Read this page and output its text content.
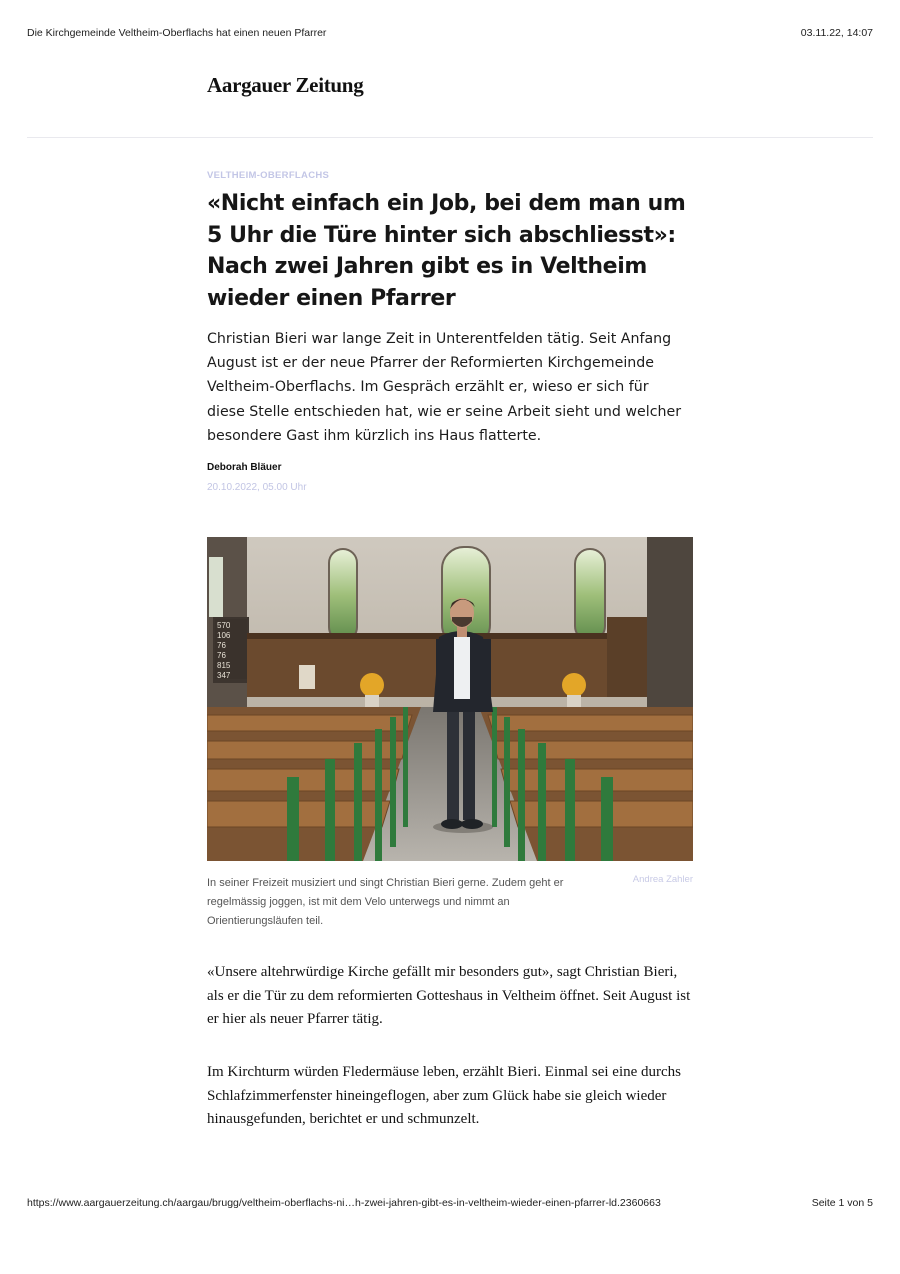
Die Kirchgemeinde Veltheim-Oberflachs hat einen neuen Pfarrer	03.11.22, 14:07
Aargauer Zeitung
VELTHEIM-OBERFLACHS
«Nicht einfach ein Job, bei dem man um 5 Uhr die Türe hinter sich abschliesst»: Nach zwei Jahren gibt es in Veltheim wieder einen Pfarrer

Christian Bieri war lange Zeit in Unterentfelden tätig. Seit Anfang August ist er der neue Pfarrer der Reformierten Kirchgemeinde Veltheim-Oberflachs. Im Gespräch erzählt er, wieso er sich für diese Stelle entschieden hat, wie er seine Arbeit sieht und welcher besondere Gast ihm kürzlich ins Haus flatterte.

Deborah Bläuer
20.10.2022, 05.00 Uhr
570
106
76
76
815
347
In seiner Freizeit musiziert und singt Christian Bieri gerne. Zudem geht er regelmässig joggen, ist mit dem Velo unterwegs und nimmt an Orientierungsläufen teil.
Andrea Zahler

«Unsere altehrwürdige Kirche gefällt mir besonders gut», sagt Christian Bieri, als er die Tür zu dem reformierten Gotteshaus in Veltheim öffnet. Seit August ist er hier als neuer Pfarrer tätig.

Im Kirchturm würden Fledermäuse leben, erzählt Bieri. Einmal sei eine durchs Schlafzimmerfenster hineingeflogen, aber zum Glück habe sie gleich wieder hinausgefunden, berichtet er und schmunzelt.

https://www.aargauerzeitung.ch/aargau/brugg/veltheim-oberflachs-ni…h-zwei-jahren-gibt-es-in-veltheim-wieder-einen-pfarrer-ld.2360663	Seite 1 von 5
